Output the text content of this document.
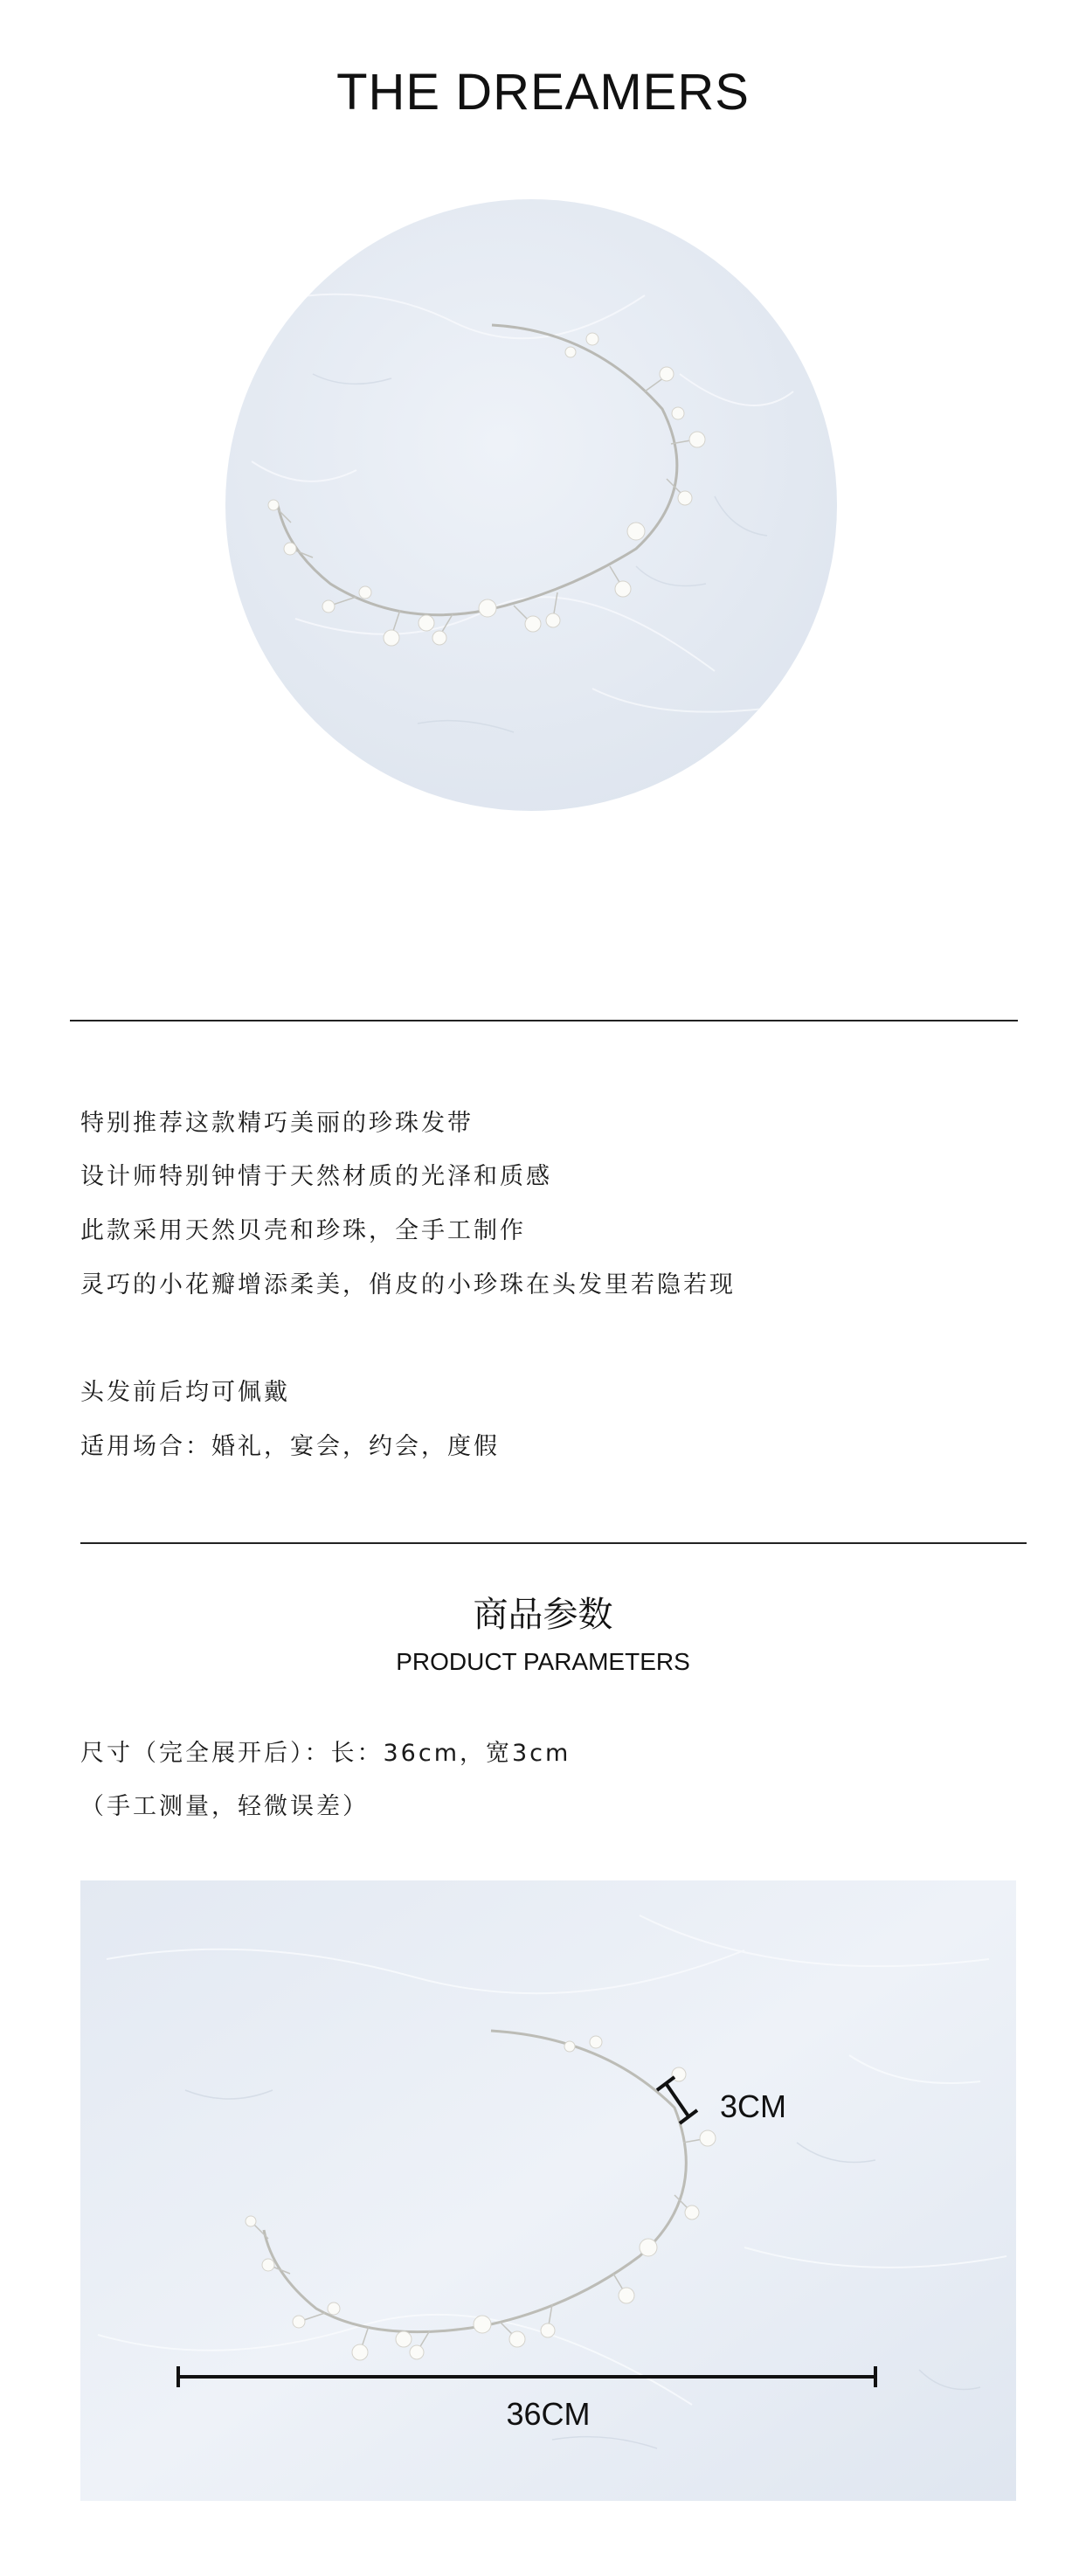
THE DREAMERS
特别推荐这款精巧美丽的珍珠发带
设计师特别钟情于天然材质的光泽和质感
此款采用天然贝壳和珍珠，全手工制作
灵巧的小花瓣增添柔美，俏皮的小珍珠在头发里若隐若现
头发前后均可佩戴
适用场合：婚礼，宴会，约会，度假
商品参数
PRODUCT PARAMETERS
尺寸（完全展开后）：长：36cm，宽3cm
（手工测量，轻微误差）
3CM
36CM
